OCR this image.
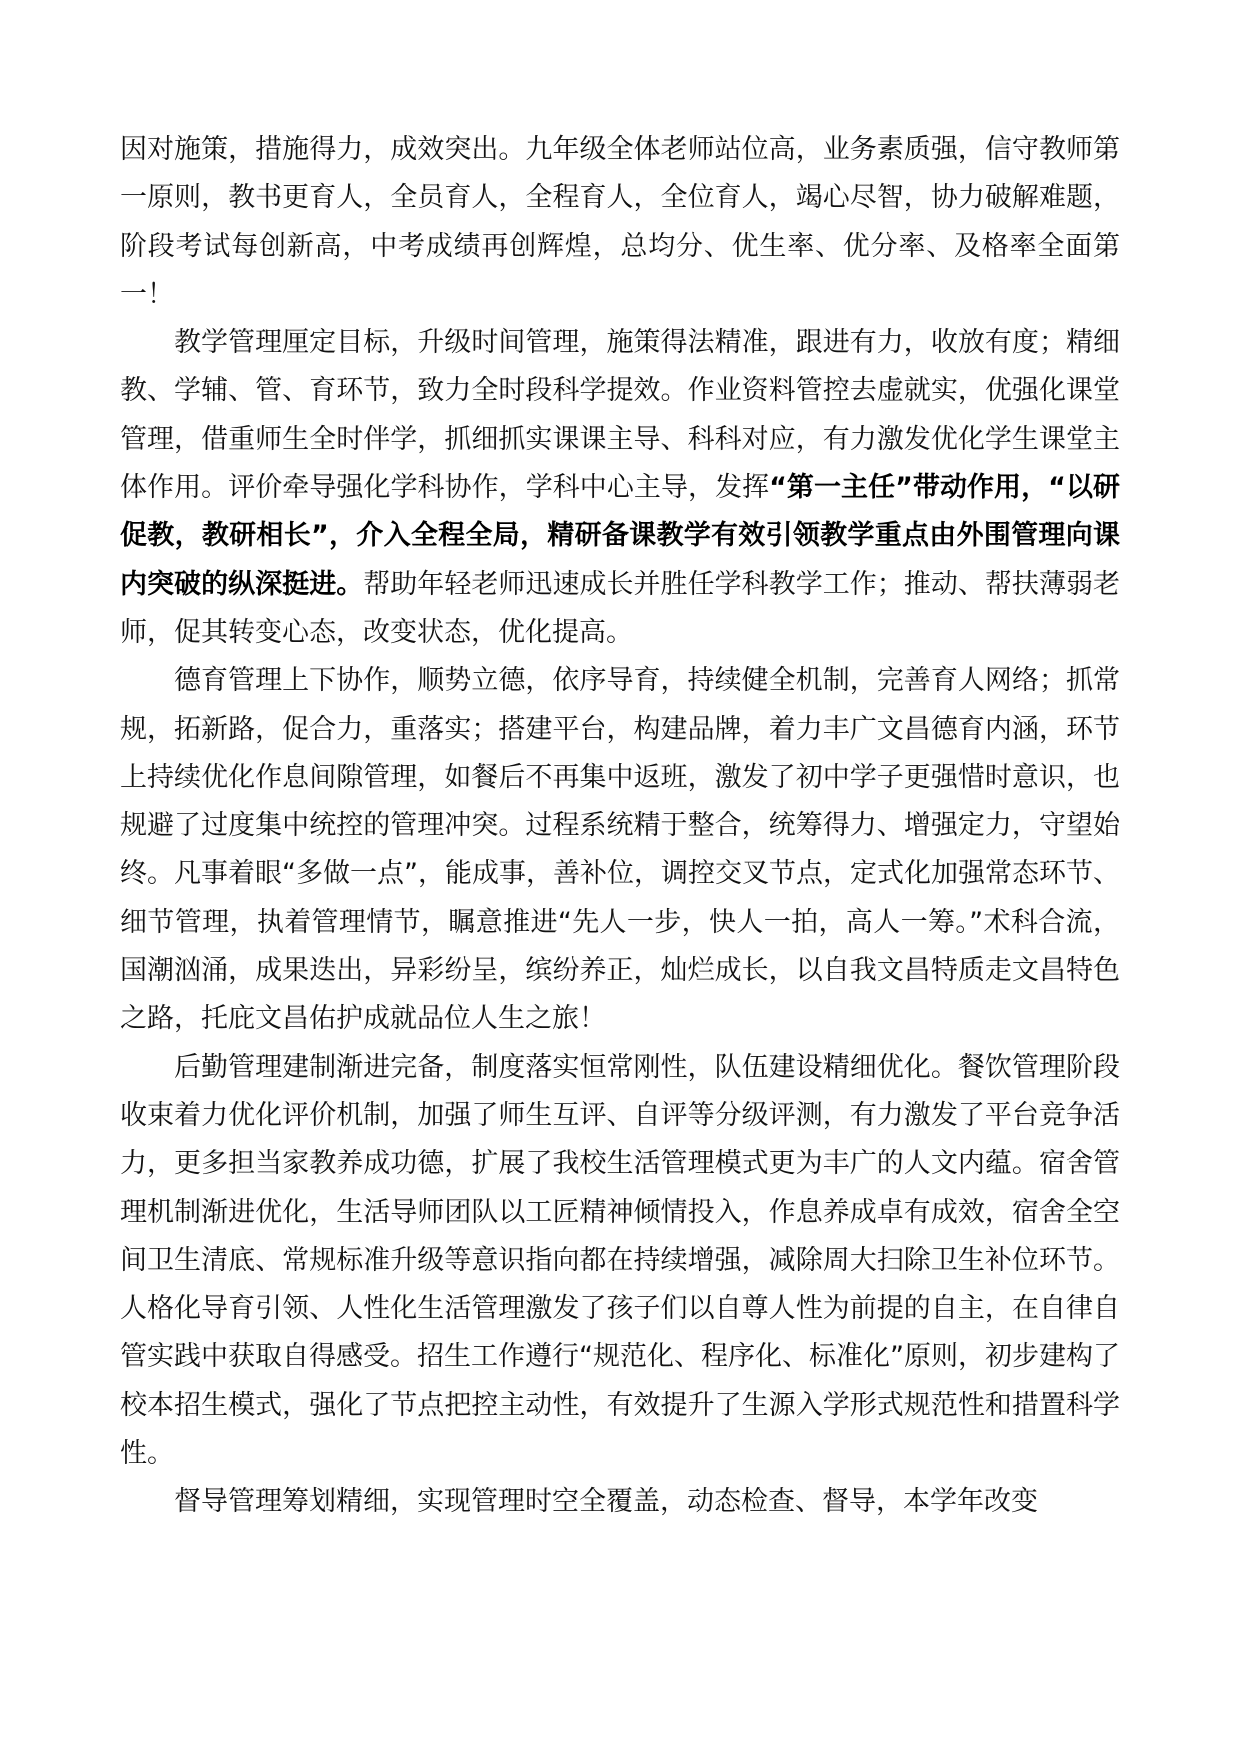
因对施策，措施得力，成效突出。九年级全体老师站位高，业务素质强，信守教师第一原则，教书更育人，全员育人，全程育人，全位育人，竭心尽智，协力破解难题，阶段考试每创新高，中考成绩再创辉煌，总均分、优生率、优分率、及格率全面第一！

教学管理厘定目标，升级时间管理，施策得法精准，跟进有力，收放有度；精细教、学辅、管、育环节，致力全时段科学提效。作业资料管控去虚就实，优强化课堂管理，借重师生全时伴学，抓细抓实课课主导、科科对应，有力激发优化学生课堂主体作用。评价牵导强化学科协作，学科中心主导，发挥“第一主任”带动作用，“以研促教，教研相长”，介入全程全局，精研备课教学有效引领教学重点由外围管理向课内突破的纵深挺进。帮助年轻老师迅速成长并胜任学科教学工作；推动、帮扶薄弱老师，促其转变心态，改变状态，优化提高。

德育管理上下协作，顺势立德，依序导育，持续健全机制，完善育人网络；抓常规，拓新路，促合力，重落实；搭建平台，构建品牌，着力丰广文昌德育内涵，环节上持续优化作息间隙管理，如餐后不再集中返班，激发了初中学子更强惜时意识，也规避了过度集中统控的管理冲突。过程系统精于整合，统筹得力、增强定力，守望始终。凡事着眼“多做一点”，能成事，善补位，调控交叉节点，定式化加强常态环节、细节管理，执着管理情节，瞩意推进“先人一步，快人一拍，高人一筹。”术科合流，国潮汹涌，成果迭出，异彩纷呈，缤纷养正，灿烂成长，以自我文昌特质走文昌特色之路，托庇文昌佑护成就品位人生之旅！

后勤管理建制渐进完备，制度落实恒常刚性，队伍建设精细优化。餐饮管理阶段收束着力优化评价机制，加强了师生互评、自评等分级评测，有力激发了平台竞争活力，更多担当家教养成功德，扩展了我校生活管理模式更为丰广的人文内蕴。宿舍管理机制渐进优化，生活导师团队以工匠精神倾情投入，作息养成卓有成效，宿舍全空间卫生清底、常规标准升级等意识指向都在持续增强，减除周大扫除卫生补位环节。人格化导育引领、人性化生活管理激发了孩子们以自尊人性为前提的自主，在自律自管实践中获取自得感受。招生工作遵行“规范化、程序化、标准化”原则，初步建构了校本招生模式，强化了节点把控主动性，有效提升了生源入学形式规范性和措置科学性。

督导管理筹划精细，实现管理时空全覆盖，动态检查、督导，本学年改变
